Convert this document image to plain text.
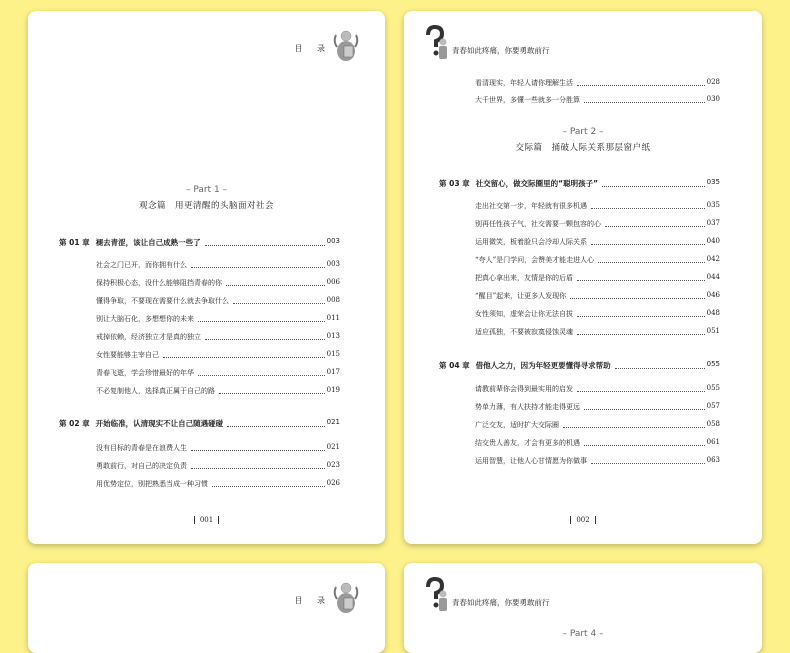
目 录
– Part 1 –
观念篇　用更清醒的头脑面对社会
第 01 章 褪去青涩，该让自己成熟一些了	003
社会之门已开，而你拥有什么	003
保持积极心态，没什么能够阻挡青春的你	006
懂得争取，不要现在需要什么就去争取什么	008
别让大脑石化，多想想你的未来	011
戒掉依赖，经济独立才是真的独立	013
女性要能够主宰自己	015
青春飞逝，学会珍惜最好的年华	017
不必复制他人，选择真正属于自己的路	019
第 02 章 开始临准，认清现实不让自己随遇碰碰	021
没有目标的青春是在浪费人生	021
勇敢前行，对自己的决定负责	023
用优势定位，别把熟悉当成一种习惯	026
001
青春如此疼痛，你要勇敢前行
看清现实，年轻人请你理解生活	028
大千世界，多懂一些就多一分胜算	030
– Part 2 –
交际篇　捅破人际关系那层窗户纸
第 03 章 社交留心，做交际圈里的“聪明孩子”	035
走出社交第一步，年轻就有很多机遇	035
别再任性孩子气，社交需要一颗包容的心	037
运用微笑，板着脸只会冷却人际关系	040
“夸人”是门学问，会赞美才能走进人心	042
把真心拿出来，友情是你的后盾	044
“醒目”起来，让更多人发现你	046
女性须知，虚荣会让你无法自拔	048
适应孤独，不要被寂寞侵蚀灵魂	051
第 04 章 借他人之力，因为年轻更要懂得寻求帮助	055
请教前辈你会得到最实用的启发	055
势单力薄，有人扶持才能走得更远	057
广泛交友，适时扩大交际圈	058
结交贵人善友，才会有更多的机遇	061
运用智慧，让他人心甘情愿为你做事	063
002
目 录	青春如此疼痛，你要勇敢前行
– Part 4 –
